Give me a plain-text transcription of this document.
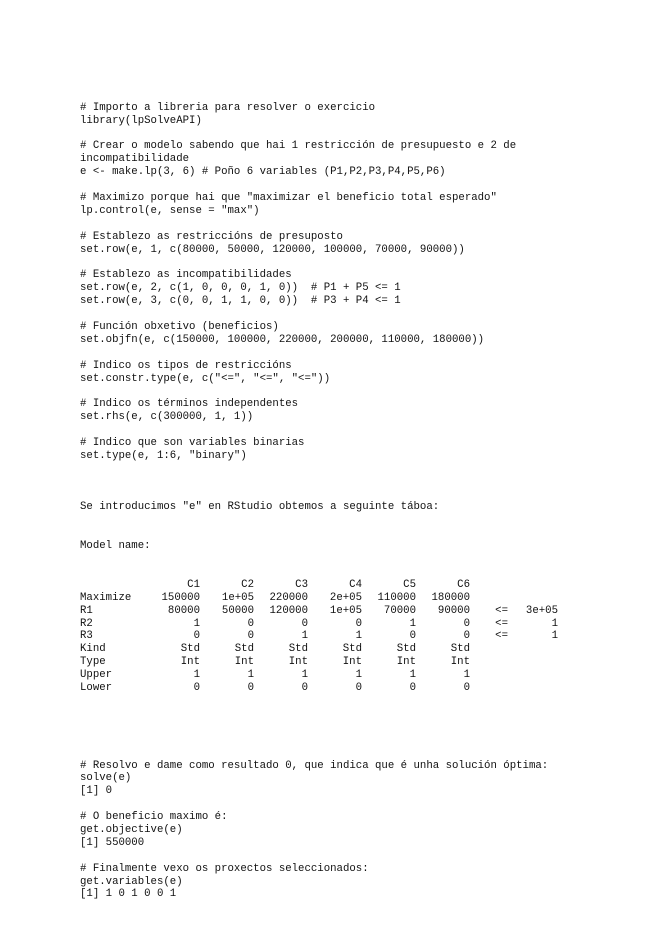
# Importo a libreria para resolver o exercicio
library(lpSolveAPI)
# Crear o modelo sabendo que hai 1 restricción de presupuesto e 2 de
incompatibilidade
e <- make.lp(3, 6) # Poño 6 variables (P1,P2,P3,P4,P5,P6)
# Maximizo porque hai que "maximizar el beneficio total esperado"
lp.control(e, sense = "max")
# Establezo as restriccións de presuposto
set.row(e, 1, c(80000, 50000, 120000, 100000, 70000, 90000))
# Establezo as incompatibilidades
set.row(e, 2, c(1, 0, 0, 0, 1, 0))  # P1 + P5 <= 1
set.row(e, 3, c(0, 0, 1, 1, 0, 0))  # P3 + P4 <= 1
# Función obxetivo (beneficios)
set.objfn(e, c(150000, 100000, 220000, 200000, 110000, 180000))
# Indico os tipos de restriccións
set.constr.type(e, c("<=", "<=", "<="))
# Indico os términos independentes
set.rhs(e, c(300000, 1, 1))
# Indico que son variables binarias
set.type(e, 1:6, "binary")

Se introducimos "e" en RStudio obtemos a seguinte táboa:

Model name:

	C1	C2	C3	C4	C5	C6		
Maximize	150000	1e+05	220000	2e+05	110000	180000		
R1	80000	50000	120000	1e+05	70000	90000	<=	3e+05
R2	1	0	0	0	1	0	<=	1
R3	0	0	1	1	0	0	<=	1
Kind	Std	Std	Std	Std	Std	Std		
Type	Int	Int	Int	Int	Int	Int		
Upper	1	1	1	1	1	1		
Lower	0	0	0	0	0	0		

# Resolvo e dame como resultado 0, que indica que é unha solución óptima:
solve(e)
[1] 0
# O beneficio maximo é:
get.objective(e)
[1] 550000
# Finalmente vexo os proxectos seleccionados:
get.variables(e)
[1] 1 0 1 0 0 1
